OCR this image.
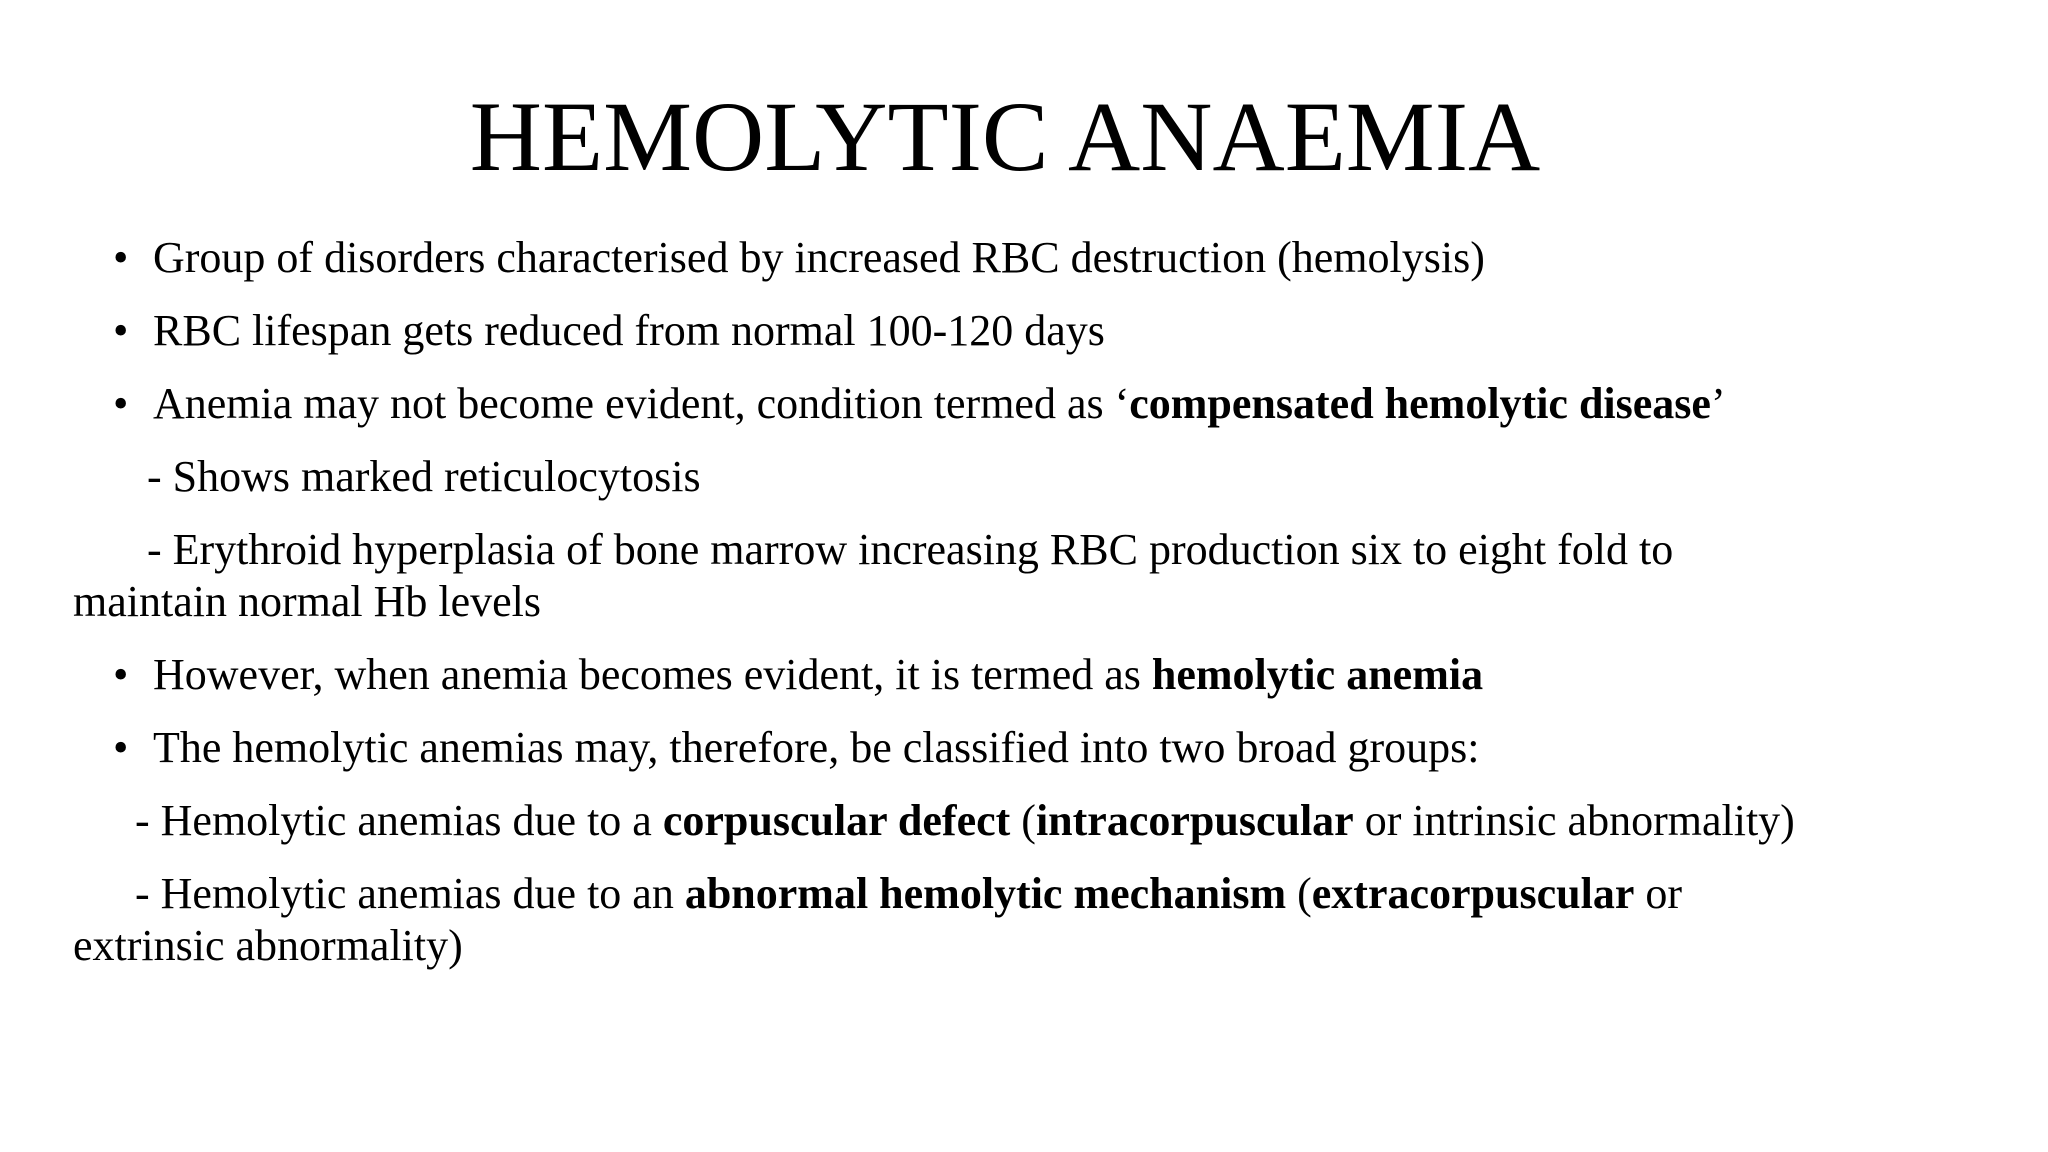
HEMOLYTIC ANAEMIA

• Group of disorders characterised by increased RBC destruction (hemolysis)

• RBC lifespan gets reduced from normal 100-120 days

• Anemia may not become evident, condition termed as ‘compensated hemolytic disease’

- Shows marked reticulocytosis

- Erythroid hyperplasia of bone marrow increasing RBC production six to eight fold to

maintain normal Hb levels

• However, when anemia becomes evident, it is termed as hemolytic anemia

• The hemolytic anemias may, therefore, be classified into two broad groups:

- Hemolytic anemias due to a corpuscular defect (intracorpuscular or intrinsic abnormality)

- Hemolytic anemias due to an abnormal hemolytic mechanism (extracorpuscular or

extrinsic abnormality)
